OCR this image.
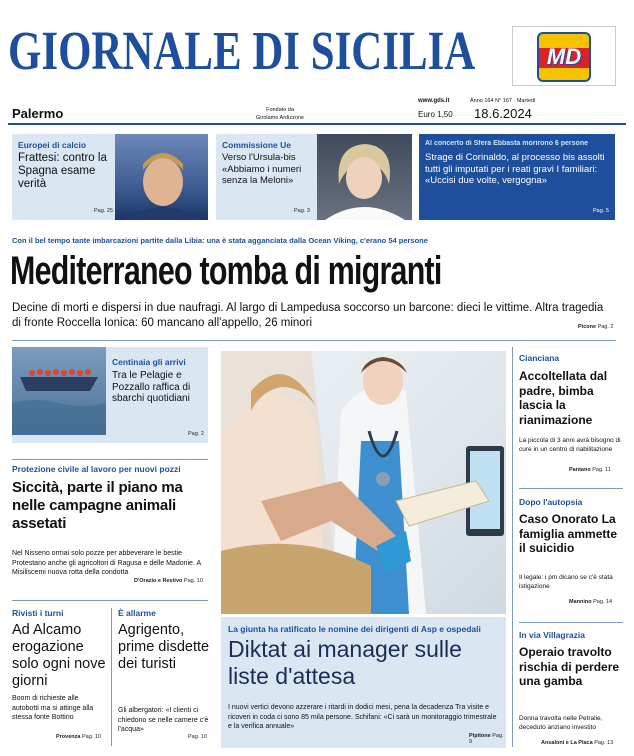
GIORNALE DI SICILIA	MD
Palermo	Fondato da
Girolamo Ardizzone
www.gds.it	Anno 164 N° 167 · Martedì
Euro 1,50 18.6.2024
Europei di calcio
Frattesi: contro la Spagna esame verità
Pag. 25
Commissione Ue
Verso l'Ursula-bis «Abbiamo i numeri senza la Meloni»
Pag. 3
Al concerto di Sfera Ebbasta morirono 6 persone
Strage di Corinaldo, al processo bis assolti tutti gli imputati per i reati gravi I familiari: «Uccisi due volte, vergogna»
Pag. 5
Con il bel tempo tante imbarcazioni partite dalla Libia: una è stata agganciata dalla Ocean Viking, c'erano 54 persone
Mediterraneo tomba di migranti
Decine di morti e dispersi in due naufragi. Al largo di Lampedusa soccorso un barcone: dieci le vittime. Altra tragedia di fronte Roccella Ionica: 60 mancano all'appello, 26 minori	Picone Pag. 2
Centinaia gli arrivi
Tra le Pelagie e Pozzallo raffica di sbarchi quotidiani
Pag. 2
Protezione civile al lavoro per nuovi pozzi
Siccità, parte il piano ma nelle campagne animali assetati
Nel Nisseno ormai solo pozze per abbeverare le bestie Protestano anche gli agricoltori di Ragusa e delle Madonie. A Misiliscemi nuova rotta della condotta
D'Orazio e Restivo Pag. 10
Rivisti i turni
Ad Alcamo erogazione solo ogni nove giorni
Boom di richieste alle autobotti ma si attinge alla stessa fonte Bottino
Provenza Pag. 10
È allarme
Agrigento, prime disdette dei turisti
Gli albergatori: «I clienti ci chiedono se nelle camere c'è l'acqua»
Pag. 10
La giunta ha ratificato le nomine dei dirigenti di Asp e ospedali
Diktat ai manager sulle liste d'attesa
I nuovi vertici devono azzerare i ritardi in dodici mesi, pena la decadenza Tra visite e ricoveri in coda ci sono 85 mila persone. Schifani: «Ci sarà un monitoraggio trimestrale e la verifica annuale»
Pipitone Pag. 9
Cianciana
Accoltellata dal padre, bimba lascia la rianimazione
La piccola di 3 anni avrà bisogno di cure in un centro di riabilitazione
Pantano Pag. 11
Dopo l'autopsia
Caso Onorato La famiglia ammette il suicidio
Il legale: i pm dicano se c'è stata istigazione
Mannino Pag. 14
In via Villagrazia
Operaio travolto rischia di perdere una gamba
Donna travolta nelle Petralie, deceduto anziano investito
Ansaloni e La Placa Pag. 13
